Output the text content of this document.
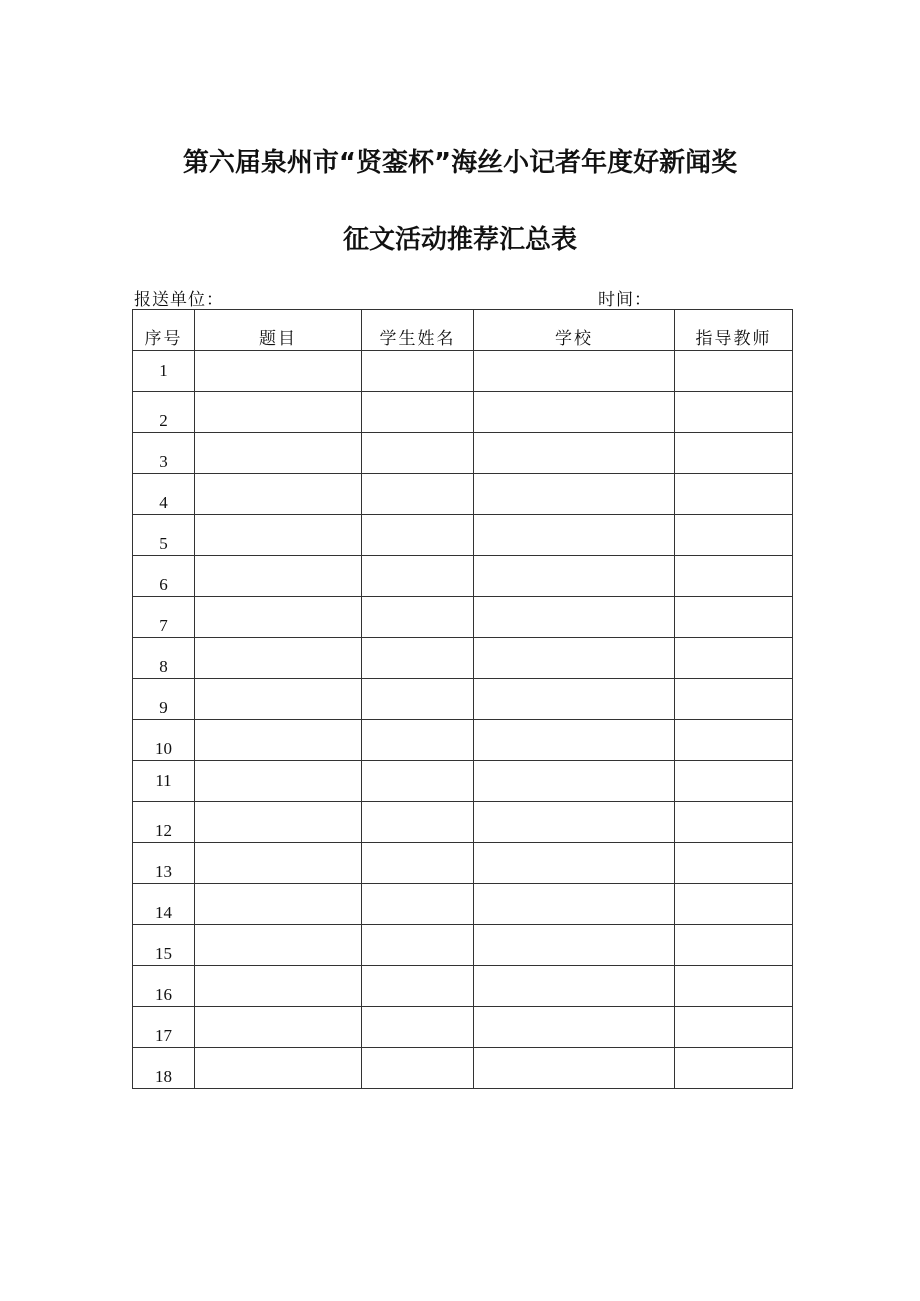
第六届泉州市“贤銮杯”海丝小记者年度好新闻奖
征文活动推荐汇总表
报送单位：	时间：
序号	题目	学生姓名	学校	指导教师
1				
2				
3				
4				
5				
6				
7				
8				
9				
10				
11				
12				
13				
14				
15				
16				
17				
18				
